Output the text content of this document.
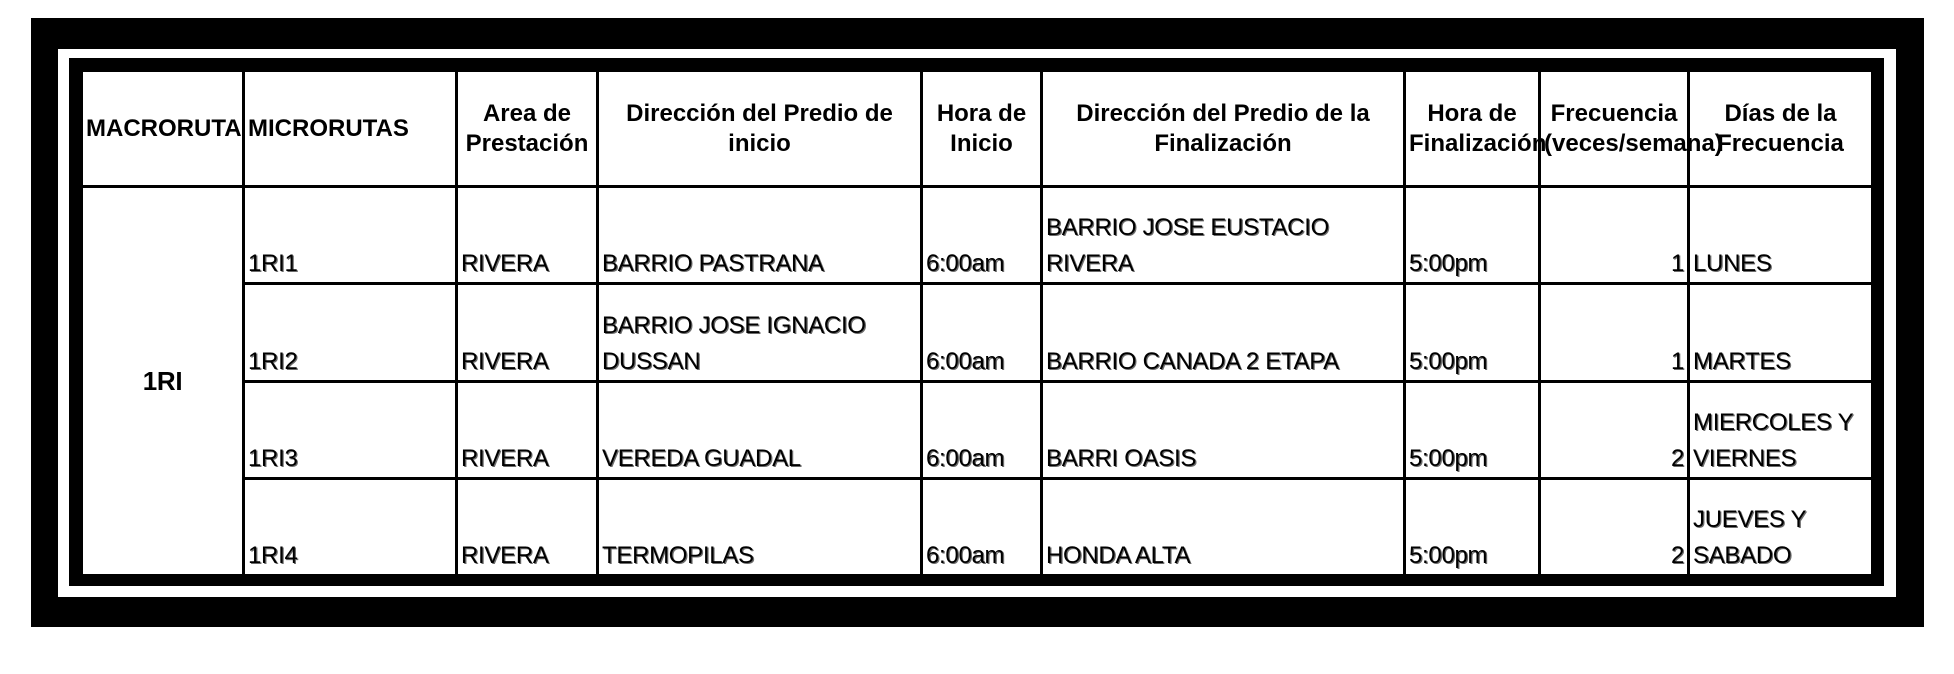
MACRORUTA	MICRORUTAS	Area de Prestación	Dirección del Predio de inicio	Hora de Inicio	Dirección del Predio de la Finalización	Hora de Finalización	Frecuencia (veces/semana)	Días de la Frecuencia
1RI	1RI1	RIVERA	BARRIO PASTRANA	6:00am	BARRIO JOSE EUSTACIO RIVERA	5:00pm	1	LUNES
	1RI2	RIVERA	BARRIO JOSE IGNACIO DUSSAN	6:00am	BARRIO CANADA 2 ETAPA	5:00pm	1	MARTES
	1RI3	RIVERA	VEREDA GUADAL	6:00am	BARRI OASIS	5:00pm	2	MIERCOLES Y VIERNES
	1RI4	RIVERA	TERMOPILAS	6:00am	HONDA ALTA	5:00pm	2	JUEVES Y SABADO
